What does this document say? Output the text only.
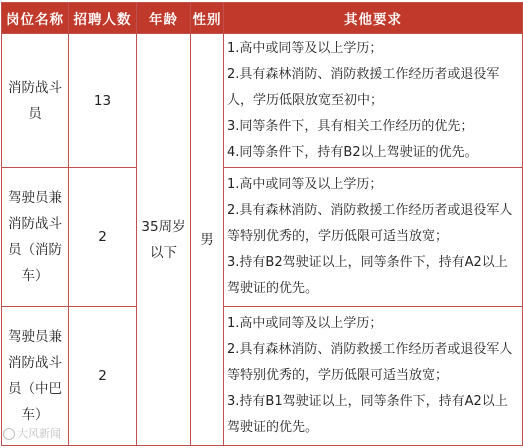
岗位名称	招聘人数	年龄	性别	其他要求
消防战斗员	13	35周岁以下	男	1.高中或同等及以上学历；

2.具有森林消防、消防救援工作经历者或退役军人，学历低限放宽至初中；

3.同等条件下，具有相关工作经历的优先；

4.同等条件下，持有B2以上驾驶证的优先。

驾驶员兼消防战斗员（消防车）	2			1.高中或同等及以上学历；

2.具有森林消防、消防救援工作经历者或退役军人等特别优秀的，学历低限可适当放宽；

3.持有B2驾驶证以上，同等条件下，持有A2以上驾驶证的优先。

驾驶员兼消防战斗员（中巴车）	2			1.高中或同等及以上学历；

2.具有森林消防、消防救援工作经历者或退役军人等特别优秀的，学历低限可适当放宽；

3.持有B1驾驶证以上，同等条件下，持有A2以上驾驶证的优先。

大风新闻
